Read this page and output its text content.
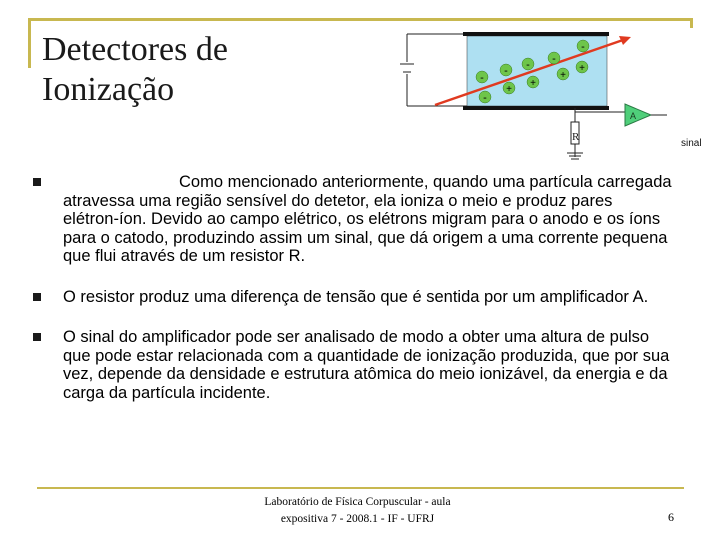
Detectores de
Ionização
R
A
sinal
-
- - -
-
-
+
+
+
+
Como mencionado anteriormente, quando uma partícula carregada atravessa uma região sensível do detetor, ela ioniza o meio e produz pares elétron-íon. Devido ao campo elétrico, os elétrons migram para o anodo e os íons para o catodo, produzindo assim um sinal, que dá origem a uma corrente pequena que flui através de um resistor R.
O resistor produz uma diferença de tensão que é sentida por um amplificador A.
O sinal do amplificador pode ser analisado de modo a obter uma altura de pulso que pode estar relacionada com a quantidade de ionização produzida, que por sua vez, depende da densidade e estrutura atômica do meio ionizável, da energia e da carga da partícula incidente.
Laboratório de Física Corpuscular - aula
expositiva 7 - 2008.1 - IF - UFRJ	6
